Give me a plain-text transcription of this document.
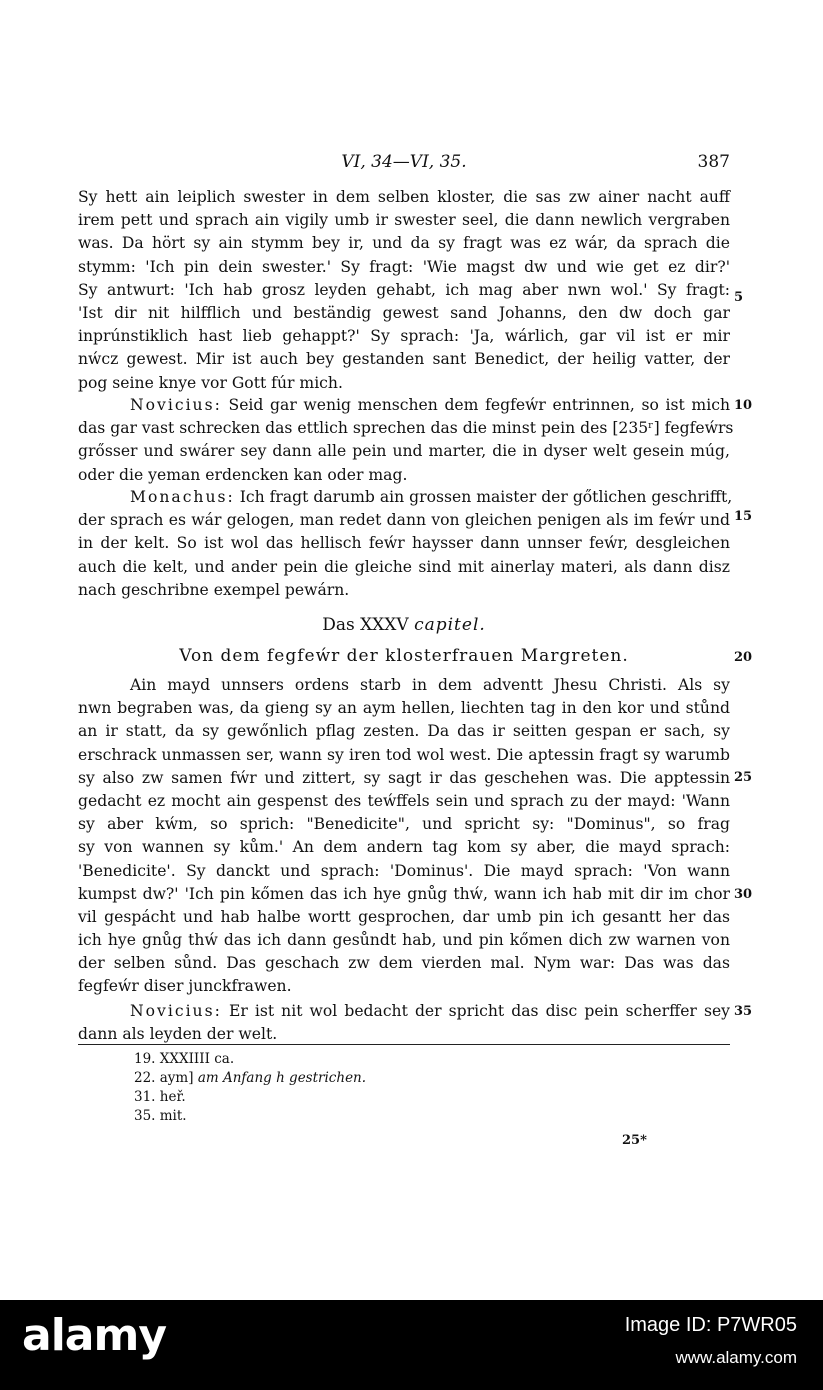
VI, 34—VI, 35.	387
Sy hett ain leiplich swester in dem selben kloster, die sas zw ainer nacht auff
irem pett und sprach ain vigily umb ir swester seel, die dann newlich vergraben
was. Da hört sy ain stymm bey ir, und da sy fragt was ez wár, da sprach die
stymm: 'Ich pin dein swester.' Sy fragt: 'Wie magst dw und wie get ez dir?'
Sy antwurt: 'Ich hab grosz leyden gehabt, ich mag aber nwn wol.' Sy fragt:
'Ist dir nit hilfflich und beständig gewest sand Johanns, den dw doch gar
inprúnstiklich hast lieb gehappt?' Sy sprach: 'Ja, wárlich, gar vil ist er mir
nẃcz gewest. Mir ist auch bey gestanden sant Benedict, der heilig vatter, der
pog seine knye vor Gott fúr mich.
Novicius: Seid gar wenig menschen dem fegfeẃr entrinnen, so ist mich
das gar vast schrecken das ettlich sprechen das die minst pein des [235ʳ] fegfeẃrs
grősser und swárer sey dann alle pein und marter, die in dyser welt gesein múg,
oder die yeman erdencken kan oder mag.
Monachus: Ich fragt darumb ain grossen maister der gőtlichen geschrifft,
der sprach es wár gelogen, man redet dann von gleichen penigen als im feẃr und
in der kelt. So ist wol das hellisch feẃr haysser dann unnser feẃr, desgleichen
auch die kelt, und ander pein die gleiche sind mit ainerlay materi, als dann disz
nach geschribne exempel pewárn.
Das XXXV capitel.
Von dem fegfeẃr der klosterfrauen Margreten.
Ain mayd unnsers ordens starb in dem adventt Jhesu Christi. Als sy
nwn begraben was, da gieng sy an aym hellen, liechten tag in den kor und stůnd
an ir statt, da sy gewőnlich pflag zesten. Da das ir seitten gespan er sach, sy
erschrack unmassen ser, wann sy iren tod wol west. Die aptessin fragt sy warumb
sy also zw samen fẃr und zittert, sy sagt ir das geschehen was. Die apptessin
gedacht ez mocht ain gespenst des teẃffels sein und sprach zu der mayd: 'Wann
sy aber kẃm, so sprich: "Benedicite", und spricht sy: "Dominus", so frag
sy von wannen sy kům.' An dem andern tag kom sy aber, die mayd sprach:
'Benedicite'. Sy danckt und sprach: 'Dominus'. Die mayd sprach: 'Von wann
kumpst dw?' 'Ich pin kőmen das ich hye gnůg thẃ, wann ich hab mit dir im chor
vil gespácht und hab halbe wortt gesprochen, dar umb pin ich gesantt her das
ich hye gnůg thẃ das ich dann gesůndt hab, und pin kőmen dich zw warnen von
der selben sůnd. Das geschach zw dem vierden mal. Nym war: Das was das
fegfeẃr diser junckfrawen.
Novicius: Er ist nit wol bedacht der spricht das disc pein scherffer sey
dann als leyden der welt.
5
10
15
20
25
30
35
19. XXXIIII ca.
22. aym] am Anfang h gestrichen.
31. heř.
35. mit.
25*
alamy	Image ID: P7WR05
www.alamy.com
